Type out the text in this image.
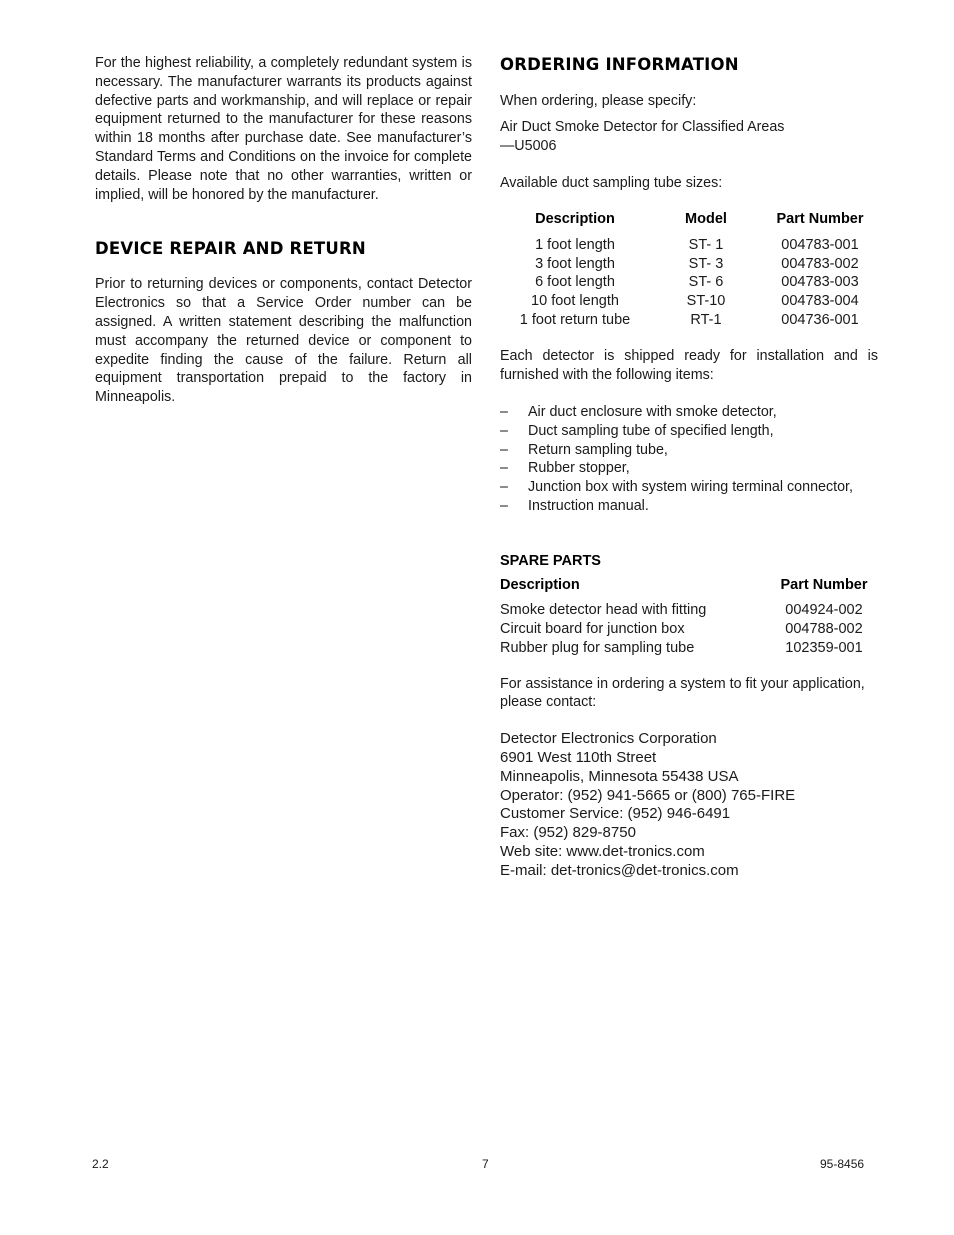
For the highest reliability, a completely redundant system is necessary. The manufacturer warrants its products against defective parts and workmanship, and will replace or repair equipment returned to the manufacturer for these reasons within 18 months after purchase date. See manufacturer’s Standard Terms and Conditions on the invoice for complete details. Please note that no other warranties, written or implied, will be honored by the manufacturer.

DEVICE REPAIR AND RETURN

Prior to returning devices or components, contact Detector Electronics so that a Service Order number can be assigned. A written statement describing the malfunction must accompany the returned device or component to expedite finding the cause of the failure. Return all equipment transportation prepaid to the factory in Minneapolis.

ORDERING INFORMATION

When ordering, please specify:

Air Duct Smoke Detector for Classified Areas

—U5006

Available duct sampling tube sizes:

Description	Model	Part Number

1 foot length	ST- 1	004783-001
3 foot length	ST- 3	004783-002
6 foot length	ST- 6	004783-003
10 foot length	ST-10	004783-004
1 foot return tube	RT-1	004736-001

Each detector is shipped ready for installation and is furnished with the following items:

– Air duct enclosure with smoke detector,
– Duct sampling tube of specified length,
– Return sampling tube,
– Rubber stopper,
– Junction box with system wiring terminal connector,
– Instruction manual.
SPARE PARTS
Description	Part Number

Smoke detector head with fitting	004924-002
Circuit board for junction box	004788-002
Rubber plug for sampling tube	102359-001

For assistance in ordering a system to fit your application, please contact:

Detector Electronics Corporation

6901 West 110th Street

Minneapolis, Minnesota 55438 USA

Operator: (952) 941-5665 or (800) 765-FIRE

Customer Service: (952) 946-6491

Fax: (952) 829-8750

Web site: www.det-tronics.com

E-mail: det-tronics@det-tronics.com

2.2	7	95-8456
